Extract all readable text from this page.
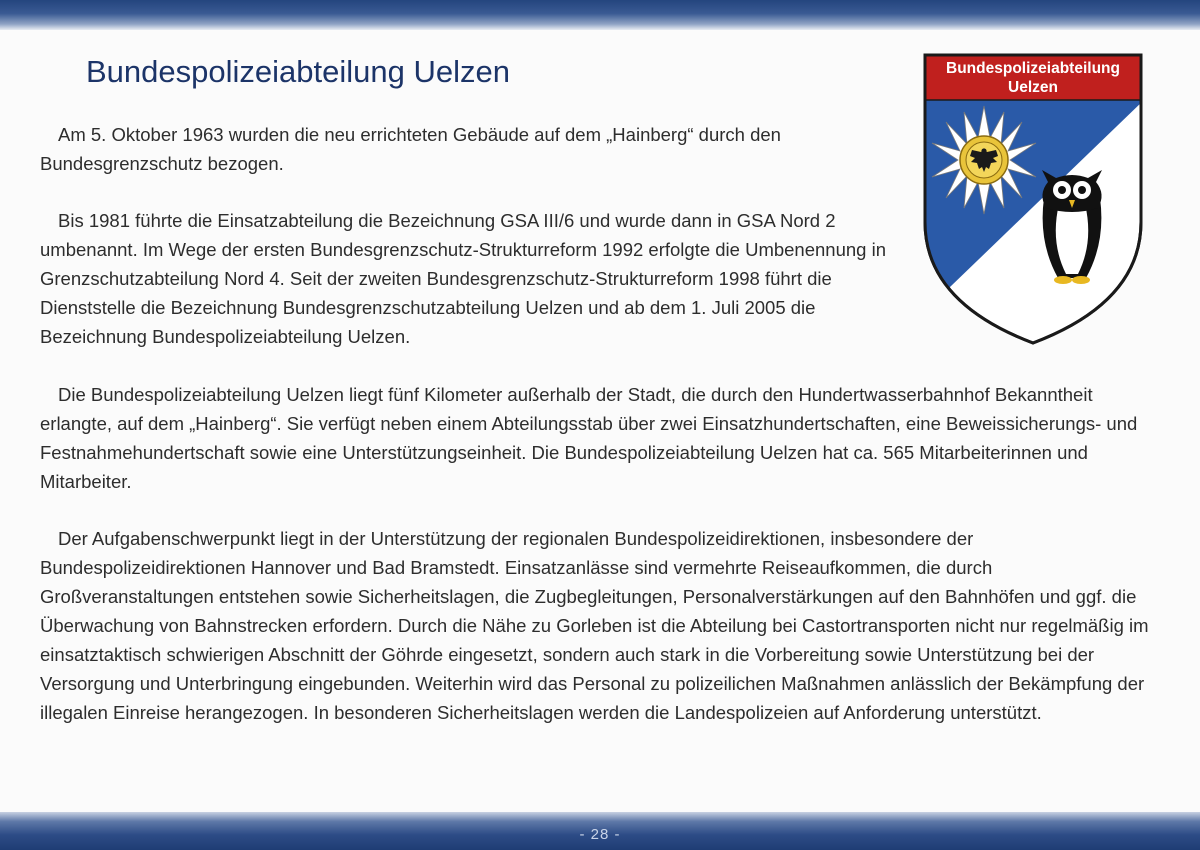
Bundespolizeiabteilung Uelzen

Am 5. Oktober 1963 wurden die neu errichteten Gebäude auf dem „Hainberg“ durch den Bundesgrenzschutz bezogen.

Bis 1981 führte die Einsatzabteilung die Bezeichnung GSA III/6 und wurde dann in GSA Nord 2 umbenannt. Im Wege der ersten Bundesgrenzschutz-Strukturreform 1992 erfolgte die Umbenennung in Grenzschutzabteilung Nord 4. Seit der zweiten Bundesgrenzschutz-Strukturreform 1998 führt die Dienststelle die Bezeichnung Bundesgrenzschutzabteilung Uelzen und ab dem 1. Juli 2005 die Bezeichnung Bundespolizeiabteilung Uelzen.

Die Bundespolizeiabteilung Uelzen liegt fünf Kilometer außerhalb der Stadt, die durch den Hundertwasserbahnhof Bekanntheit erlangte, auf dem „Hainberg“. Sie verfügt neben einem Abteilungsstab über zwei Einsatzhundertschaften, eine Beweissicherungs- und Festnahmehundertschaft sowie eine Unterstützungseinheit. Die Bundespolizeiabteilung Uelzen hat ca. 565 Mitarbeiterinnen und Mitarbeiter.

Der Aufgabenschwerpunkt liegt in der Unterstützung der regionalen Bundespolizeidirektionen, insbesondere der Bundespolizeidirektionen Hannover und Bad Bramstedt. Einsatzanlässe sind vermehrte Reiseaufkommen, die durch Großveranstaltungen entstehen sowie Sicherheitslagen, die Zugbegleitungen, Personalverstärkungen auf den Bahnhöfen und ggf. die Überwachung von Bahnstrecken erfordern. Durch die Nähe zu Gorleben ist die Abteilung bei Castortransporten nicht nur regelmäßig im einsatztaktisch schwierigen Abschnitt der Göhrde eingesetzt, sondern auch stark in die Vorbereitung sowie Unterstützung bei der Versorgung und Unterbringung eingebunden. Weiterhin wird das Personal zu polizeilichen Maßnahmen anlässlich der Bekämpfung der illegalen Einreise herangezogen. In besonderen Sicherheitslagen werden die Landespolizeien auf Anforderung unterstützt.

Bundespolizeiabteilung
Uelzen
- 28 -
